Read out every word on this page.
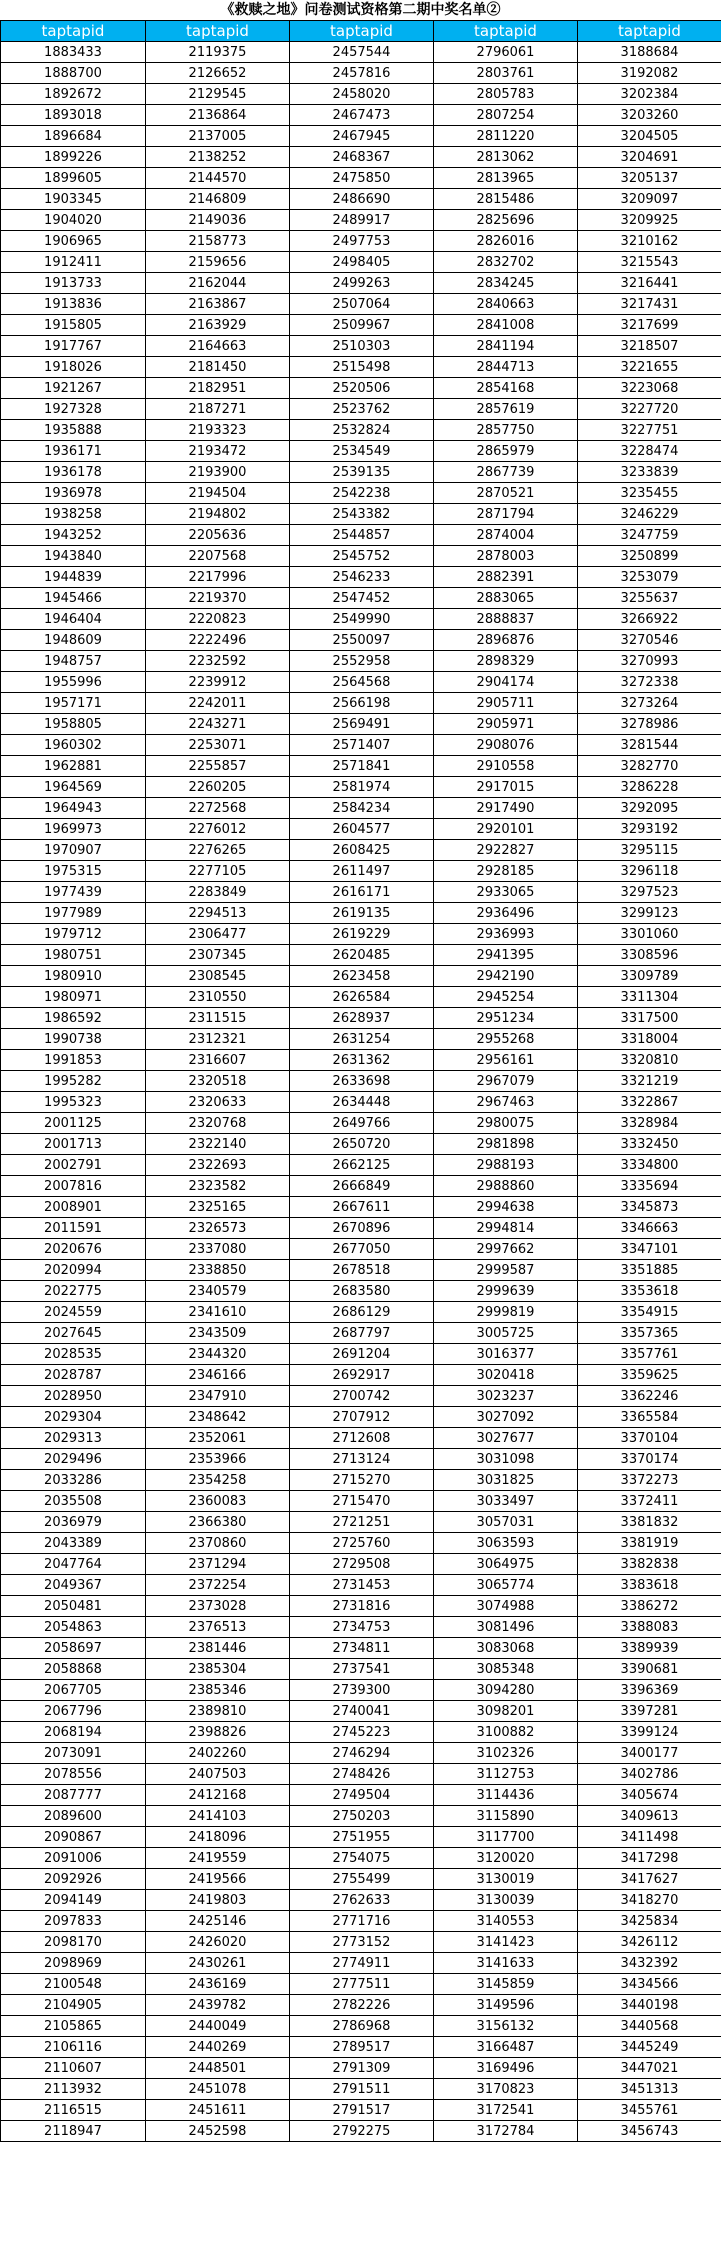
《救赎之地》问卷测试资格第二期中奖名单②
taptapid	taptapid	taptapid	taptapid	taptapid
1883433	2119375	2457544	2796061	3188684
1888700	2126652	2457816	2803761	3192082
1892672	2129545	2458020	2805783	3202384
1893018	2136864	2467473	2807254	3203260
1896684	2137005	2467945	2811220	3204505
1899226	2138252	2468367	2813062	3204691
1899605	2144570	2475850	2813965	3205137
1903345	2146809	2486690	2815486	3209097
1904020	2149036	2489917	2825696	3209925
1906965	2158773	2497753	2826016	3210162
1912411	2159656	2498405	2832702	3215543
1913733	2162044	2499263	2834245	3216441
1913836	2163867	2507064	2840663	3217431
1915805	2163929	2509967	2841008	3217699
1917767	2164663	2510303	2841194	3218507
1918026	2181450	2515498	2844713	3221655
1921267	2182951	2520506	2854168	3223068
1927328	2187271	2523762	2857619	3227720
1935888	2193323	2532824	2857750	3227751
1936171	2193472	2534549	2865979	3228474
1936178	2193900	2539135	2867739	3233839
1936978	2194504	2542238	2870521	3235455
1938258	2194802	2543382	2871794	3246229
1943252	2205636	2544857	2874004	3247759
1943840	2207568	2545752	2878003	3250899
1944839	2217996	2546233	2882391	3253079
1945466	2219370	2547452	2883065	3255637
1946404	2220823	2549990	2888837	3266922
1948609	2222496	2550097	2896876	3270546
1948757	2232592	2552958	2898329	3270993
1955996	2239912	2564568	2904174	3272338
1957171	2242011	2566198	2905711	3273264
1958805	2243271	2569491	2905971	3278986
1960302	2253071	2571407	2908076	3281544
1962881	2255857	2571841	2910558	3282770
1964569	2260205	2581974	2917015	3286228
1964943	2272568	2584234	2917490	3292095
1969973	2276012	2604577	2920101	3293192
1970907	2276265	2608425	2922827	3295115
1975315	2277105	2611497	2928185	3296118
1977439	2283849	2616171	2933065	3297523
1977989	2294513	2619135	2936496	3299123
1979712	2306477	2619229	2936993	3301060
1980751	2307345	2620485	2941395	3308596
1980910	2308545	2623458	2942190	3309789
1980971	2310550	2626584	2945254	3311304
1986592	2311515	2628937	2951234	3317500
1990738	2312321	2631254	2955268	3318004
1991853	2316607	2631362	2956161	3320810
1995282	2320518	2633698	2967079	3321219
1995323	2320633	2634448	2967463	3322867
2001125	2320768	2649766	2980075	3328984
2001713	2322140	2650720	2981898	3332450
2002791	2322693	2662125	2988193	3334800
2007816	2323582	2666849	2988860	3335694
2008901	2325165	2667611	2994638	3345873
2011591	2326573	2670896	2994814	3346663
2020676	2337080	2677050	2997662	3347101
2020994	2338850	2678518	2999587	3351885
2022775	2340579	2683580	2999639	3353618
2024559	2341610	2686129	2999819	3354915
2027645	2343509	2687797	3005725	3357365
2028535	2344320	2691204	3016377	3357761
2028787	2346166	2692917	3020418	3359625
2028950	2347910	2700742	3023237	3362246
2029304	2348642	2707912	3027092	3365584
2029313	2352061	2712608	3027677	3370104
2029496	2353966	2713124	3031098	3370174
2033286	2354258	2715270	3031825	3372273
2035508	2360083	2715470	3033497	3372411
2036979	2366380	2721251	3057031	3381832
2043389	2370860	2725760	3063593	3381919
2047764	2371294	2729508	3064975	3382838
2049367	2372254	2731453	3065774	3383618
2050481	2373028	2731816	3074988	3386272
2054863	2376513	2734753	3081496	3388083
2058697	2381446	2734811	3083068	3389939
2058868	2385304	2737541	3085348	3390681
2067705	2385346	2739300	3094280	3396369
2067796	2389810	2740041	3098201	3397281
2068194	2398826	2745223	3100882	3399124
2073091	2402260	2746294	3102326	3400177
2078556	2407503	2748426	3112753	3402786
2087777	2412168	2749504	3114436	3405674
2089600	2414103	2750203	3115890	3409613
2090867	2418096	2751955	3117700	3411498
2091006	2419559	2754075	3120020	3417298
2092926	2419566	2755499	3130019	3417627
2094149	2419803	2762633	3130039	3418270
2097833	2425146	2771716	3140553	3425834
2098170	2426020	2773152	3141423	3426112
2098969	2430261	2774911	3141633	3432392
2100548	2436169	2777511	3145859	3434566
2104905	2439782	2782226	3149596	3440198
2105865	2440049	2786968	3156132	3440568
2106116	2440269	2789517	3166487	3445249
2110607	2448501	2791309	3169496	3447021
2113932	2451078	2791511	3170823	3451313
2116515	2451611	2791517	3172541	3455761
2118947	2452598	2792275	3172784	3456743
